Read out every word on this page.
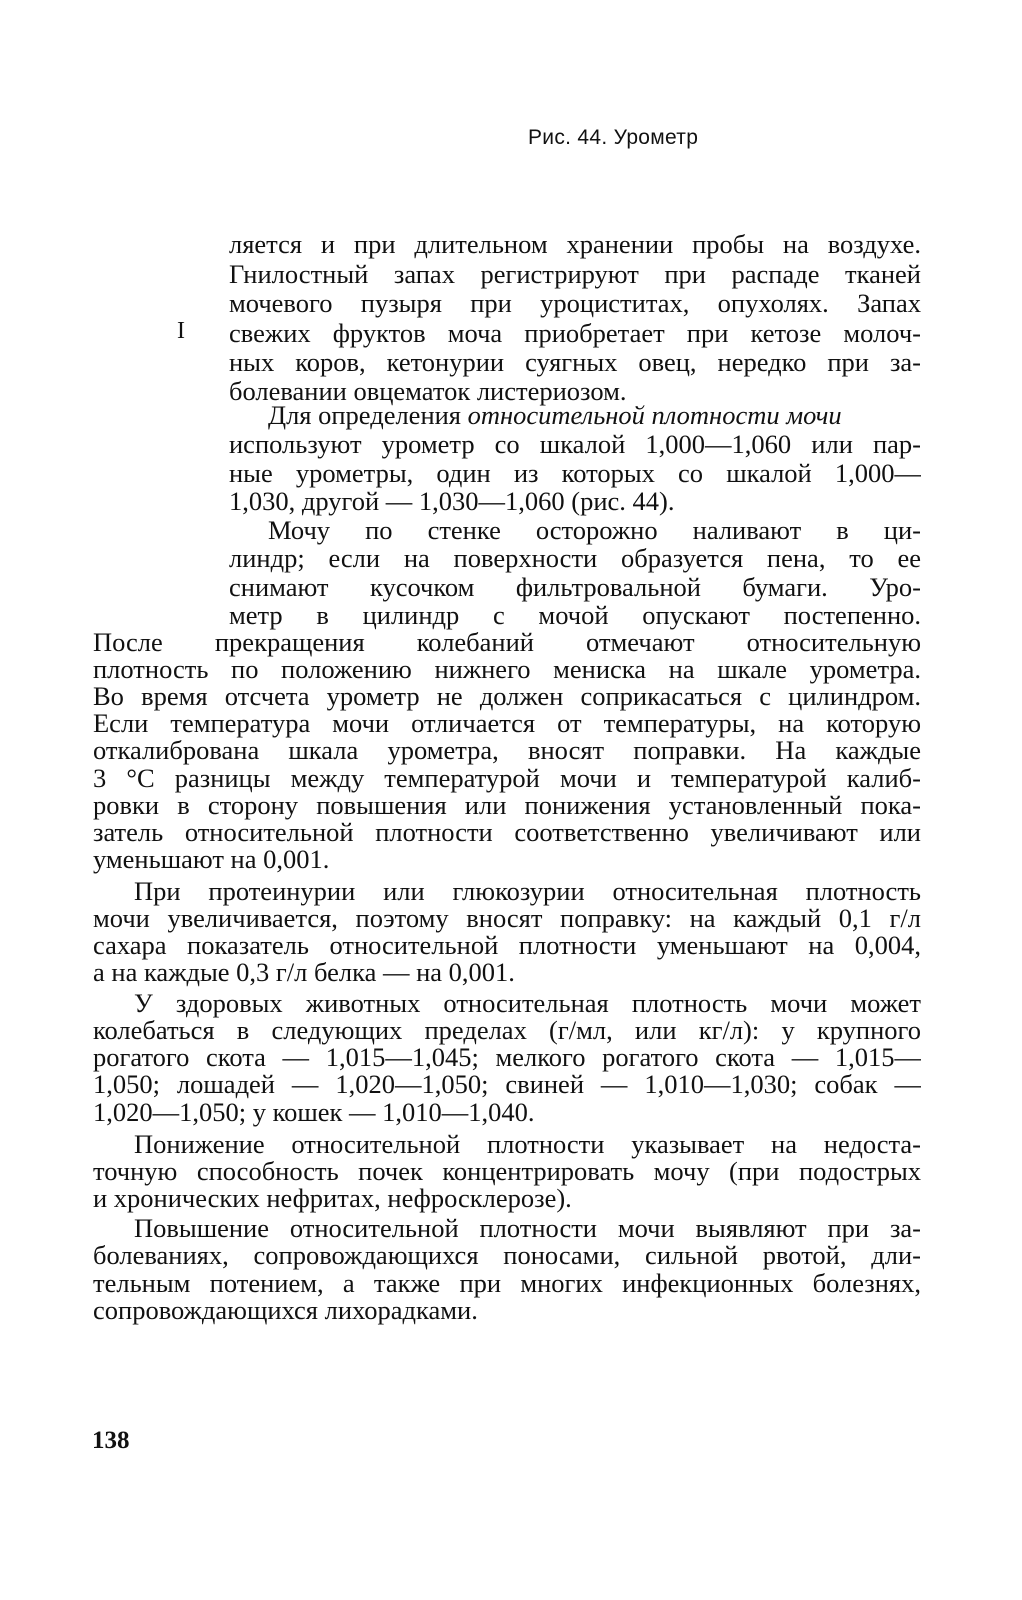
Рис. 44. Урометр
I
ляется и при длительном хранении пробы на воздухе.
Гнилостный запах регистрируют при распаде тканей
мочевого пузыря при уроциститах, опухолях. Запах
свежих фруктов моча приобретает при кетозе молоч-
ных коров, кетонурии суягных овец, нередко при за-
болевании овцематок листериозом.
Для определения относительной плотности мочи
используют урометр со шкалой 1,000—1,060 или пар-
ные урометры, один из которых со шкалой 1,000—
1,030, другой — 1,030—1,060 (рис. 44).
Мочу по стенке осторожно наливают в ци-
линдр; если на поверхности образуется пена, то ее
снимают кусочком фильтровальной бумаги. Уро-
метр в цилиндр с мочой опускают постепенно.
После прекращения колебаний отмечают относительную
плотность по положению нижнего мениска на шкале урометра.
Во время отсчета урометр не должен соприкасаться с цилиндром.
Если температура мочи отличается от температуры, на которую
откалибрована шкала урометра, вносят поправки. На каждые
3 °С разницы между температурой мочи и температурой калиб-
ровки в сторону повышения или понижения установленный пока-
затель относительной плотности соответственно увеличивают или
уменьшают на 0,001.
При протеинурии или глюкозурии относительная плотность
мочи увеличивается, поэтому вносят поправку: на каждый 0,1 г/л
сахара показатель относительной плотности уменьшают на 0,004,
а на каждые 0,3 г/л белка — на 0,001.
У здоровых животных относительная плотность мочи может
колебаться в следующих пределах (г/мл, или кг/л): у крупного
рогатого скота — 1,015—1,045; мелкого рогатого скота — 1,015—
1,050; лошадей — 1,020—1,050; свиней — 1,010—1,030; собак —
1,020—1,050; у кошек — 1,010—1,040.
Понижение относительной плотности указывает на недоста-
точную способность почек концентрировать мочу (при подострых
и хронических нефритах, нефросклерозе).
Повышение относительной плотности мочи выявляют при за-
болеваниях, сопровождающихся поносами, сильной рвотой, дли-
тельным потением, а также при многих инфекционных болезнях,
сопровождающихся лихорадками.
138
